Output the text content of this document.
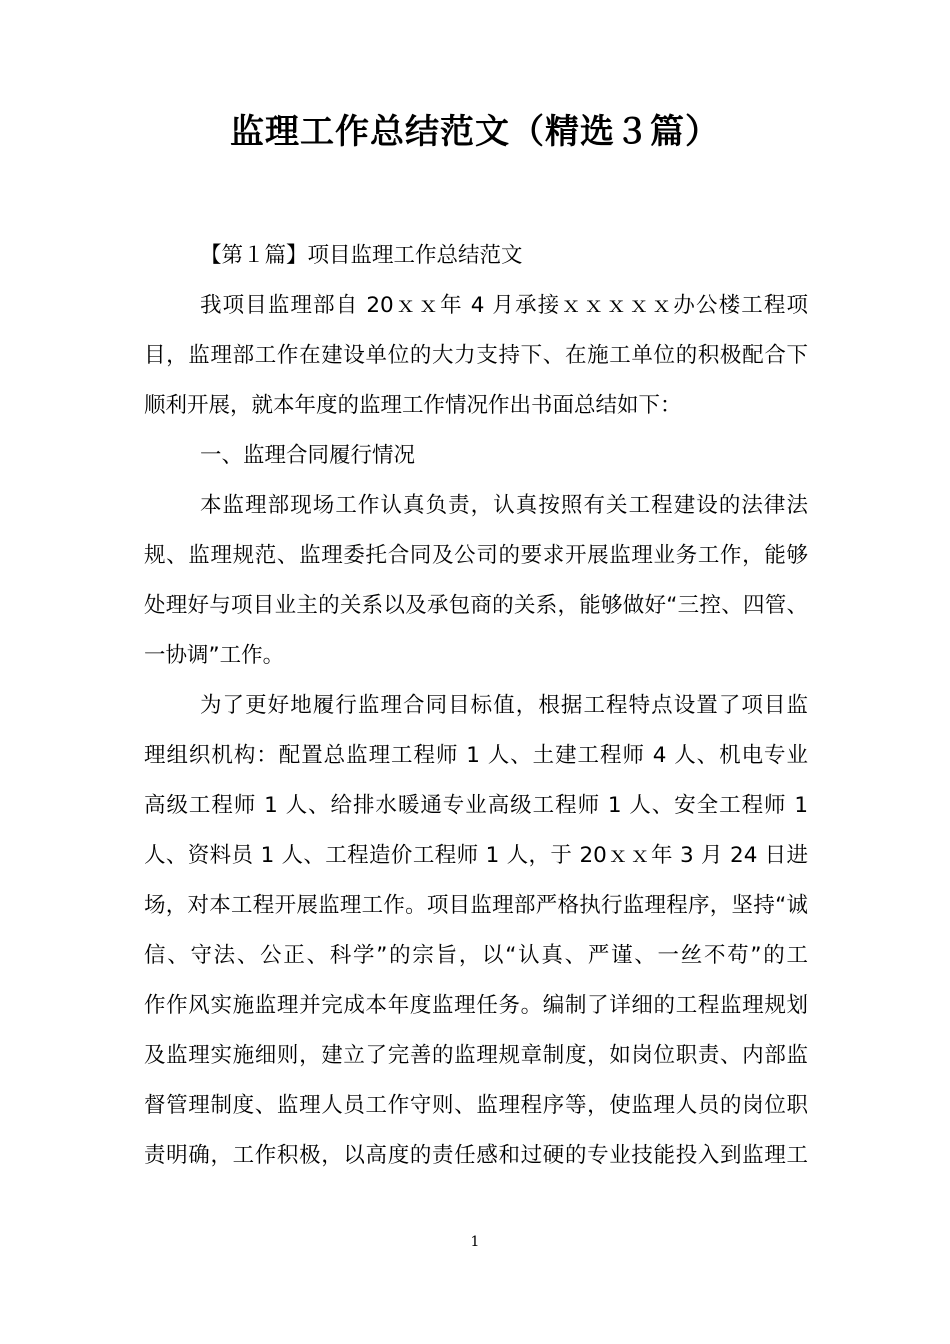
监理工作总结范文（精选３篇）
【第１篇】项目监理工作总结范文
我项目监理部自 20ｘｘ年 4 月承接ｘｘｘｘｘ办公楼工程项
目，监理部工作在建设单位的大力支持下、在施工单位的积极配合下
顺利开展，就本年度的监理工作情况作出书面总结如下：
一、监理合同履行情况
本监理部现场工作认真负责，认真按照有关工程建设的法律法
规、监理规范、监理委托合同及公司的要求开展监理业务工作，能够
处理好与项目业主的关系以及承包商的关系，能够做好“三控、四管、
一协调”工作。
为了更好地履行监理合同目标值，根据工程特点设置了项目监
理组织机构：配置总监理工程师 1 人、土建工程师 4 人、机电专业
高级工程师 1 人、给排水暖通专业高级工程师 1 人、安全工程师 1
人、资料员 1 人、工程造价工程师 1 人，于 20ｘｘ年 3 月 24 日进
场，对本工程开展监理工作。项目监理部严格执行监理程序，坚持“诚
信、守法、公正、科学”的宗旨，以“认真、严谨、一丝不苟”的工
作作风实施监理并完成本年度监理任务。编制了详细的工程监理规划
及监理实施细则，建立了完善的监理规章制度，如岗位职责、内部监
督管理制度、监理人员工作守则、监理程序等，使监理人员的岗位职
责明确，工作积极，以高度的责任感和过硬的专业技能投入到监理工
1
